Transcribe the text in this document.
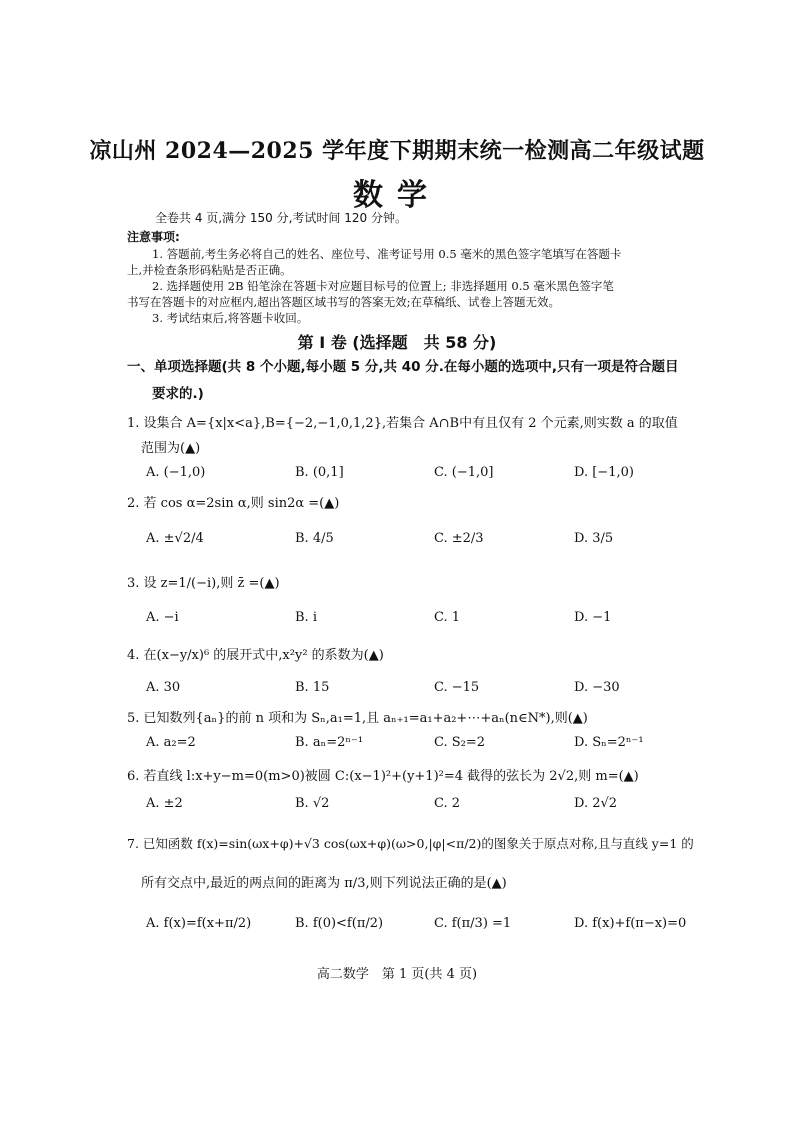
凉山州 2024—2025 学年度下期期末统一检测高二年级试题
数学
全卷共 4 页,满分 150 分,考试时间 120 分钟。
注意事项:
1. 答题前,考生务必将自己的姓名、座位号、准考证号用 0.5 毫米的黑色签字笔填写在答题卡
上,并检查条形码粘贴是否正确。
2. 选择题使用 2B 铅笔涂在答题卡对应题目标号的位置上; 非选择题用 0.5 毫米黑色签字笔
书写在答题卡的对应框内,超出答题区域书写的答案无效;在草稿纸、试卷上答题无效。
3. 考试结束后,将答题卡收回。
第 Ⅰ 卷 (选择题　共 58 分)
一、单项选择题(共 8 个小题,每小题 5 分,共 40 分.在每小题的选项中,只有一项是符合题目
要求的.)
1. 设集合 A={x|x<a},B={−2,−1,0,1,2},若集合 A∩B中有且仅有 2 个元素,则实数 a 的取值
范围为(▲)
A. (−1,0)	B. (0,1]	C. (−1,0]	D. [−1,0)
2. 若 cos α=2sin α,则 sin2α =(▲)
A. ±√2/4	B. 4/5	C. ±2/3	D. 3/5
3. 设 z=1/(−i),则 z̄ =(▲)
A. −i	B. i	C. 1	D. −1
4. 在(x−y/x)⁶ 的展开式中,x²y² 的系数为(▲)
A. 30	B. 15	C. −15	D. −30
5. 已知数列{aₙ}的前 n 项和为 Sₙ,a₁=1,且 aₙ₊₁=a₁+a₂+⋯+aₙ(n∈N*),则(▲)
A. a₂=2	B. aₙ=2ⁿ⁻¹	C. S₂=2	D. Sₙ=2ⁿ⁻¹
6. 若直线 l:x+y−m=0(m>0)被圆 C:(x−1)²+(y+1)²=4 截得的弦长为 2√2,则 m=(▲)
A. ±2	B. √2	C. 2	D. 2√2
7. 已知函数 f(x)=sin(ωx+φ)+√3 cos(ωx+φ)(ω>0,|φ|<π/2)的图象关于原点对称,且与直线 y=1 的
所有交点中,最近的两点间的距离为 π/3,则下列说法正确的是(▲)
A. f(x)=f(x+π/2)	B. f(0)<f(π/2)	C. f(π/3) =1	D. f(x)+f(π−x)=0
高二数学　第 1 页(共 4 页)
